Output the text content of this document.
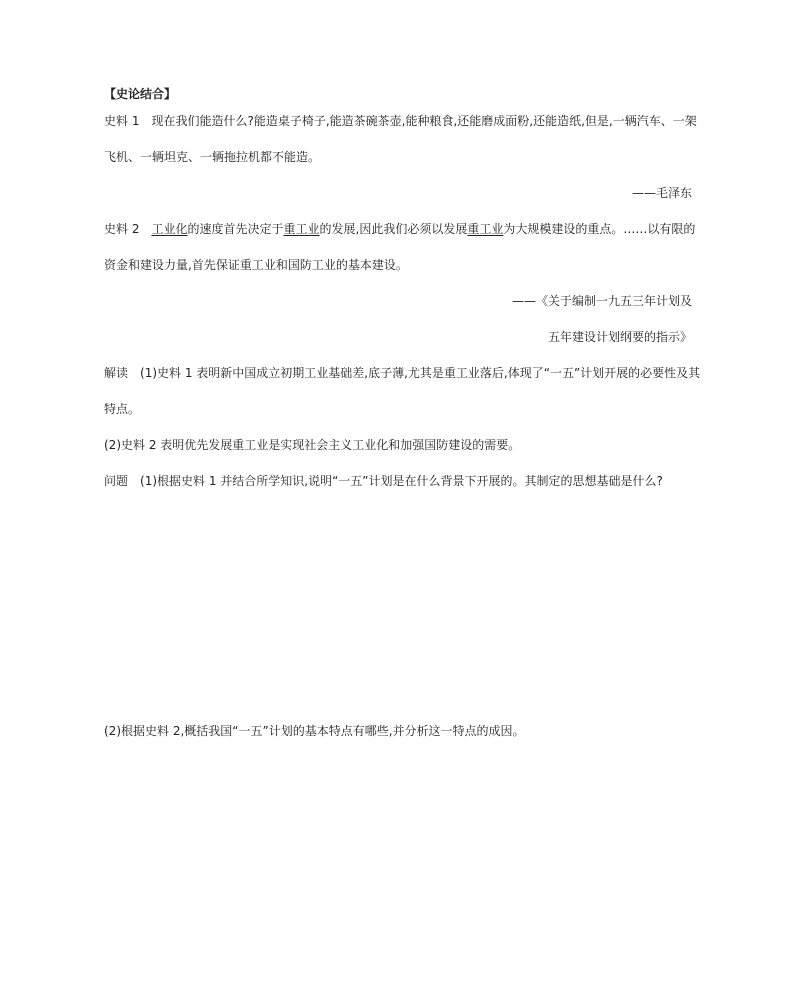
【史论结合】
史料 1 现在我们能造什么?能造桌子椅子,能造茶碗茶壶,能种粮食,还能磨成面粉,还能造纸,但是,一辆汽车、一架
飞机、一辆坦克、一辆拖拉机都不能造。
——毛泽东
史料 2 工业化的速度首先决定于重工业的发展,因此我们必须以发展重工业为大规模建设的重点。……以有限的
资金和建设力量,首先保证重工业和国防工业的基本建设。
——《关于编制一九五三年计划及
五年建设计划纲要的指示》
解读 (1)史料 1 表明新中国成立初期工业基础差,底子薄,尤其是重工业落后,体现了“一五”计划开展的必要性及其
特点。
(2)史料 2 表明优先发展重工业是实现社会主义工业化和加强国防建设的需要。
问题 (1)根据史料 1 并结合所学知识,说明“一五”计划是在什么背景下开展的。其制定的思想基础是什么?
(2)根据史料 2,概括我国“一五”计划的基本特点有哪些,并分析这一特点的成因。
